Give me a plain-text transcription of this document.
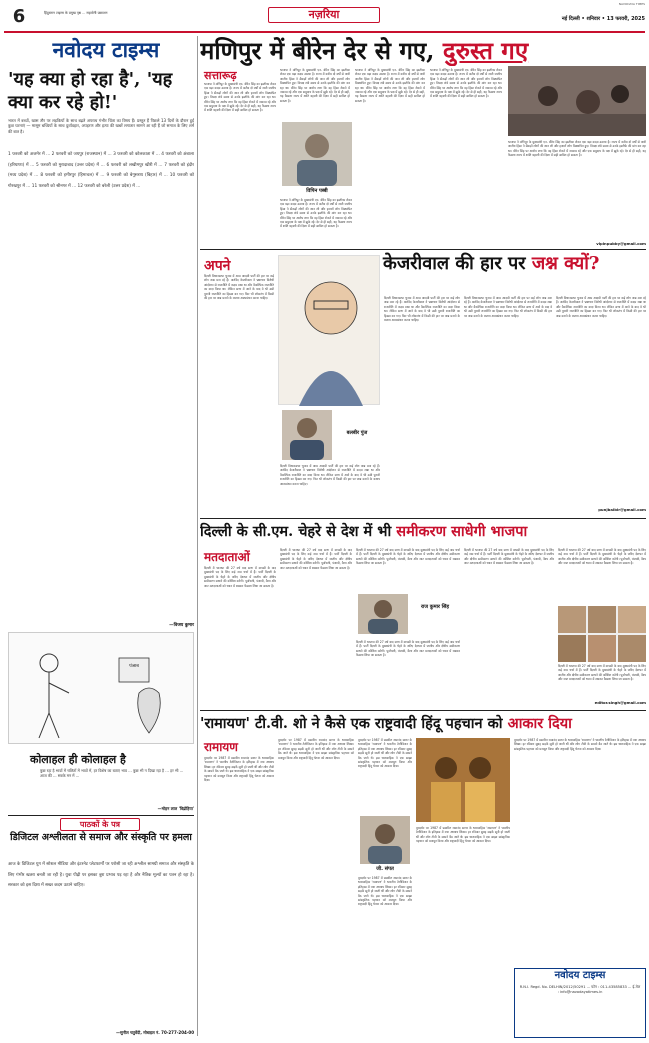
6	हिंदुस्तान टाइम्स के प्रमुख पृष्ठ ... सहयोगी प्रकाशन	नज़रिया
NAVODAYA TIMES
नई दिल्ली • शनिवार • 13 फरवरी, 2025
नवोदय टाइम्स
'यह क्या हो रहा है', 'यह क्या कर रहे हो!'
भारत में बच्चों, खास तौर पर लड़कियों के साथ बढ़ते अपराध गंभीर चिंता का विषय हैं। प्रस्तुत हैं पिछले 13 दिनों के दौरान हुई कुछ घटनाएं — मासूम बच्चियों के साथ दुर्व्यवहार, अपहरण और हत्या की खबरें लगातार सामने आ रही हैं जो समाज के लिए शर्म की बात है।
1 फरवरी को अजमेर में ... 2 फरवरी को जयपुर (राजस्थान) में ... 3 फरवरी को कोलकाता में ... 4 फरवरी को अंबाला (हरियाणा) में ... 5 फरवरी को मुरादाबाद (उत्तर प्रदेश) में ... 6 फरवरी को लखीमपुर खीरी में ... 7 फरवरी को इंदौर (मध्य प्रदेश) में ... 8 फरवरी को हमीरपुर (हिमाचल) में ... 9 फरवरी को बेगूसराय (बिहार) में ... 10 फरवरी को गोरखपुर में ... 11 फरवरी को श्रीनगर में ... 12 फरवरी को बरेली (उत्तर प्रदेश) में ...
—विजय कुमार
पंजाब
कोलाहल ही कोलाहल है
कुछ रहा है भावों में चलितों में भावों में, हर विशेष का बताए भाव ... कुछ भी न दिखा रहा है ... हर भी ... आज की ... सबके मन में ...
—मोहन लाल 'विद्रोहिया'
पाठकों के पत्र
डिजिटल अश्लीलता से समाज और संस्कृति पर हमला
आज के डिजिटल युग में सोशल मीडिया और इंटरनेट प्लेटफार्मों पर परोसी जा रही अश्लील सामग्री समाज और संस्कृति के लिए गंभीर खतरा बनती जा रही है। युवा पीढ़ी पर इसका बुरा प्रभाव पड़ रहा है और नैतिक मूल्यों का पतन हो रहा है। सरकार को इस दिशा में सख्त कदम उठाने चाहिए।
—सुनील चतुर्वेदी, मोबाइल नं. 70-277-204-00
मणिपुर में बीरेन देर से गए, दुरुस्त गए
सत्तारूढ़
भाजपा ने मणिपुर के मुख्यमंत्री एन. बीरेन सिंह का इस्तीफा लेकर एक बड़ा कदम उठाया है। राज्य में करीब दो वर्षों से जारी जातीय हिंसा ने सैकड़ों लोगों की जान ली और हजारों लोग विस्थापित हुए। विपक्ष लंबे समय से उनके इस्तीफे की मांग कर रहा था। बीरेन सिंह पर आरोप लगा कि वह हिंसा रोकने में नाकाम रहे और एक समुदाय के पक्ष में झुके रहे। देर से ही सही, यह फैसला राज्य में शांति बहाली की दिशा में सही साबित हो सकता है।
भाजपा ने मणिपुर के मुख्यमंत्री एन. बीरेन सिंह का इस्तीफा लेकर एक बड़ा कदम उठाया है। राज्य में करीब दो वर्षों से जारी जातीय हिंसा ने सैकड़ों लोगों की जान ली और हजारों लोग विस्थापित हुए। विपक्ष लंबे समय से उनके इस्तीफे की मांग कर रहा था। बीरेन सिंह पर आरोप लगा कि वह हिंसा रोकने में नाकाम रहे और एक समुदाय के पक्ष में झुके रहे। देर से ही सही, यह फैसला राज्य में शांति बहाली की दिशा में सही साबित हो सकता है।
विपिन पब्बी
भाजपा ने मणिपुर के मुख्यमंत्री एन. बीरेन सिंह का इस्तीफा लेकर एक बड़ा कदम उठाया है। राज्य में करीब दो वर्षों से जारी जातीय हिंसा ने सैकड़ों लोगों की जान ली और हजारों लोग विस्थापित हुए। विपक्ष लंबे समय से उनके इस्तीफे की मांग कर रहा था। बीरेन सिंह पर आरोप लगा कि वह हिंसा रोकने में नाकाम रहे और एक समुदाय के पक्ष में झुके रहे। देर से ही सही, यह फैसला राज्य में शांति बहाली की दिशा में सही साबित हो सकता है।
भाजपा ने मणिपुर के मुख्यमंत्री एन. बीरेन सिंह का इस्तीफा लेकर एक बड़ा कदम उठाया है। राज्य में करीब दो वर्षों से जारी जातीय हिंसा ने सैकड़ों लोगों की जान ली और हजारों लोग विस्थापित हुए। विपक्ष लंबे समय से उनके इस्तीफे की मांग कर रहा था। बीरेन सिंह पर आरोप लगा कि वह हिंसा रोकने में नाकाम रहे और एक समुदाय के पक्ष में झुके रहे। देर से ही सही, यह फैसला राज्य में शांति बहाली की दिशा में सही साबित हो सकता है।
भाजपा ने मणिपुर के मुख्यमंत्री एन. बीरेन सिंह का इस्तीफा लेकर एक बड़ा कदम उठाया है। राज्य में करीब दो वर्षों से जारी जातीय हिंसा ने सैकड़ों लोगों की जान ली और हजारों लोग विस्थापित हुए। विपक्ष लंबे समय से उनके इस्तीफे की मांग कर रहा था। बीरेन सिंह पर आरोप लगा कि वह हिंसा रोकने में नाकाम रहे और एक समुदाय के पक्ष में झुके रहे। देर से ही सही, यह फैसला राज्य में शांति बहाली की दिशा में सही साबित हो सकता है।
भाजपा ने मणिपुर के मुख्यमंत्री एन. बीरेन सिंह का इस्तीफा लेकर एक बड़ा कदम उठाया है। राज्य में करीब दो वर्षों से जारी जातीय हिंसा ने सैकड़ों लोगों की जान ली और हजारों लोग विस्थापित हुए। विपक्ष लंबे समय से उनके इस्तीफे की मांग कर रहा था। बीरेन सिंह पर आरोप लगा कि वह हिंसा रोकने में नाकाम रहे और एक समुदाय के पक्ष में झुके रहे। देर से ही सही, यह फैसला राज्य में शांति बहाली की दिशा में सही साबित हो सकता है।
vipinpubby@gmail.com
अपने
दिल्ली विधानसभा चुनाव में आम आदमी पार्टी की हार पर कई लोग जश्न मना रहे हैं। अरविंद केजरीवाल ने भ्रष्टाचार विरोधी आंदोलन से राजनीति में कदम रखा था और वैकल्पिक राजनीति का वादा किया था। लेकिन सत्ता में आने के बाद वे भी उसी पुरानी राजनीति का हिस्सा बन गए। फिर भी लोकतंत्र में किसी की हार पर जश्न मनाने के बजाय आत्ममंथन करना चाहिए।
बलबीर पुंज
दिल्ली विधानसभा चुनाव में आम आदमी पार्टी की हार पर कई लोग जश्न मना रहे हैं। अरविंद केजरीवाल ने भ्रष्टाचार विरोधी आंदोलन से राजनीति में कदम रखा था और वैकल्पिक राजनीति का वादा किया था। लेकिन सत्ता में आने के बाद वे भी उसी पुरानी राजनीति का हिस्सा बन गए। फिर भी लोकतंत्र में किसी की हार पर जश्न मनाने के बजाय आत्ममंथन करना चाहिए।
केजरीवाल की हार पर जश्न क्यों?
दिल्ली विधानसभा चुनाव में आम आदमी पार्टी की हार पर कई लोग जश्न मना रहे हैं। अरविंद केजरीवाल ने भ्रष्टाचार विरोधी आंदोलन से राजनीति में कदम रखा था और वैकल्पिक राजनीति का वादा किया था। लेकिन सत्ता में आने के बाद वे भी उसी पुरानी राजनीति का हिस्सा बन गए। फिर भी लोकतंत्र में किसी की हार पर जश्न मनाने के बजाय आत्ममंथन करना चाहिए।
दिल्ली विधानसभा चुनाव में आम आदमी पार्टी की हार पर कई लोग जश्न मना रहे हैं। अरविंद केजरीवाल ने भ्रष्टाचार विरोधी आंदोलन से राजनीति में कदम रखा था और वैकल्पिक राजनीति का वादा किया था। लेकिन सत्ता में आने के बाद वे भी उसी पुरानी राजनीति का हिस्सा बन गए। फिर भी लोकतंत्र में किसी की हार पर जश्न मनाने के बजाय आत्ममंथन करना चाहिए।
दिल्ली विधानसभा चुनाव में आम आदमी पार्टी की हार पर कई लोग जश्न मना रहे हैं। अरविंद केजरीवाल ने भ्रष्टाचार विरोधी आंदोलन से राजनीति में कदम रखा था और वैकल्पिक राजनीति का वादा किया था। लेकिन सत्ता में आने के बाद वे भी उसी पुरानी राजनीति का हिस्सा बन गए। फिर भी लोकतंत्र में किसी की हार पर जश्न मनाने के बजाय आत्ममंथन करना चाहिए।
punjbalbir@gmail.com
दिल्ली के सी.एम. चेहरे से देश में भी समीकरण साधेगी भाजपा
मतदाताओं
दिल्ली में भाजपा की 27 वर्ष बाद सत्ता में वापसी के बाद मुख्यमंत्री पद के लिए कई नाम चर्चा में हैं। पार्टी दिल्ली के मुख्यमंत्री के चेहरे के जरिए देशभर में जातीय और क्षेत्रीय समीकरण साधने की कोशिश करेगी। पूर्वांचली, पंजाबी, वैश्य और जाट मतदाताओं को ध्यान में रखकर फैसला लिया जा सकता है।
दिल्ली में भाजपा की 27 वर्ष बाद सत्ता में वापसी के बाद मुख्यमंत्री पद के लिए कई नाम चर्चा में हैं। पार्टी दिल्ली के मुख्यमंत्री के चेहरे के जरिए देशभर में जातीय और क्षेत्रीय समीकरण साधने की कोशिश करेगी। पूर्वांचली, पंजाबी, वैश्य और जाट मतदाताओं को ध्यान में रखकर फैसला लिया जा सकता है।
राज कुमार सिंह
दिल्ली में भाजपा की 27 वर्ष बाद सत्ता में वापसी के बाद मुख्यमंत्री पद के लिए कई नाम चर्चा में हैं। पार्टी दिल्ली के मुख्यमंत्री के चेहरे के जरिए देशभर में जातीय और क्षेत्रीय समीकरण साधने की कोशिश करेगी। पूर्वांचली, पंजाबी, वैश्य और जाट मतदाताओं को ध्यान में रखकर फैसला लिया जा सकता है।
दिल्ली में भाजपा की 27 वर्ष बाद सत्ता में वापसी के बाद मुख्यमंत्री पद के लिए कई नाम चर्चा में हैं। पार्टी दिल्ली के मुख्यमंत्री के चेहरे के जरिए देशभर में जातीय और क्षेत्रीय समीकरण साधने की कोशिश करेगी। पूर्वांचली, पंजाबी, वैश्य और जाट मतदाताओं को ध्यान में रखकर फैसला लिया जा सकता है।
दिल्ली में भाजपा की 27 वर्ष बाद सत्ता में वापसी के बाद मुख्यमंत्री पद के लिए कई नाम चर्चा में हैं। पार्टी दिल्ली के मुख्यमंत्री के चेहरे के जरिए देशभर में जातीय और क्षेत्रीय समीकरण साधने की कोशिश करेगी। पूर्वांचली, पंजाबी, वैश्य और जाट मतदाताओं को ध्यान में रखकर फैसला लिया जा सकता है।
दिल्ली में भाजपा की 27 वर्ष बाद सत्ता में वापसी के बाद मुख्यमंत्री पद के लिए कई नाम चर्चा में हैं। पार्टी दिल्ली के मुख्यमंत्री के चेहरे के जरिए देशभर में जातीय और क्षेत्रीय समीकरण साधने की कोशिश करेगी। पूर्वांचली, पंजाबी, वैश्य और जाट मतदाताओं को ध्यान में रखकर फैसला लिया जा सकता है।
दिल्ली में भाजपा की 27 वर्ष बाद सत्ता में वापसी के बाद मुख्यमंत्री पद के लिए कई नाम चर्चा में हैं। पार्टी दिल्ली के मुख्यमंत्री के चेहरे के जरिए देशभर में जातीय और क्षेत्रीय समीकरण साधने की कोशिश करेगी। पूर्वांचली, पंजाबी, वैश्य और जाट मतदाताओं को ध्यान में रखकर फैसला लिया जा सकता है।
editor.singh@gmail.com
'रामायण' टी.वी. शो ने कैसे एक राष्ट्रवादी हिंदू पहचान को आकार दिया
रामायण
दूरदर्शन पर 1987 में प्रसारित रामानंद सागर के धारावाहिक 'रामायण' ने भारतीय टेलीविजन के इतिहास में नया अध्याय लिखा। हर रविवार सुबह सड़कें सूनी हो जाती थीं और लोग टीवी के सामने बैठ जाते थे। इस धारावाहिक ने एक साझा सांस्कृतिक पहचान को मजबूत किया और राष्ट्रवादी हिंदू चेतना को आकार दिया।
दूरदर्शन पर 1987 में प्रसारित रामानंद सागर के धारावाहिक 'रामायण' ने भारतीय टेलीविजन के इतिहास में नया अध्याय लिखा। हर रविवार सुबह सड़कें सूनी हो जाती थीं और लोग टीवी के सामने बैठ जाते थे। इस धारावाहिक ने एक साझा सांस्कृतिक पहचान को मजबूत किया और राष्ट्रवादी हिंदू चेतना को आकार दिया।
जी. संपत
दूरदर्शन पर 1987 में प्रसारित रामानंद सागर के धारावाहिक 'रामायण' ने भारतीय टेलीविजन के इतिहास में नया अध्याय लिखा। हर रविवार सुबह सड़कें सूनी हो जाती थीं और लोग टीवी के सामने बैठ जाते थे। इस धारावाहिक ने एक साझा सांस्कृतिक पहचान को मजबूत किया और राष्ट्रवादी हिंदू चेतना को आकार दिया।
दूरदर्शन पर 1987 में प्रसारित रामानंद सागर के धारावाहिक 'रामायण' ने भारतीय टेलीविजन के इतिहास में नया अध्याय लिखा। हर रविवार सुबह सड़कें सूनी हो जाती थीं और लोग टीवी के सामने बैठ जाते थे। इस धारावाहिक ने एक साझा सांस्कृतिक पहचान को मजबूत किया और राष्ट्रवादी हिंदू चेतना को आकार दिया।
दूरदर्शन पर 1987 में प्रसारित रामानंद सागर के धारावाहिक 'रामायण' ने भारतीय टेलीविजन के इतिहास में नया अध्याय लिखा। हर रविवार सुबह सड़कें सूनी हो जाती थीं और लोग टीवी के सामने बैठ जाते थे। इस धारावाहिक ने एक साझा सांस्कृतिक पहचान को मजबूत किया और राष्ट्रवादी हिंदू चेतना को आकार दिया।
दूरदर्शन पर 1987 में प्रसारित रामानंद सागर के धारावाहिक 'रामायण' ने भारतीय टेलीविजन के इतिहास में नया अध्याय लिखा। हर रविवार सुबह सड़कें सूनी हो जाती थीं और लोग टीवी के सामने बैठ जाते थे। इस धारावाहिक ने एक साझा सांस्कृतिक पहचान को मजबूत किया और राष्ट्रवादी हिंदू चेतना को आकार दिया।
नवोदय टाइम्स
R.N.I. Regd. No. DELHIN/2012/50291 ... फोन : 011-43585833 ... ई-मेल : info@navodayatimes.in
